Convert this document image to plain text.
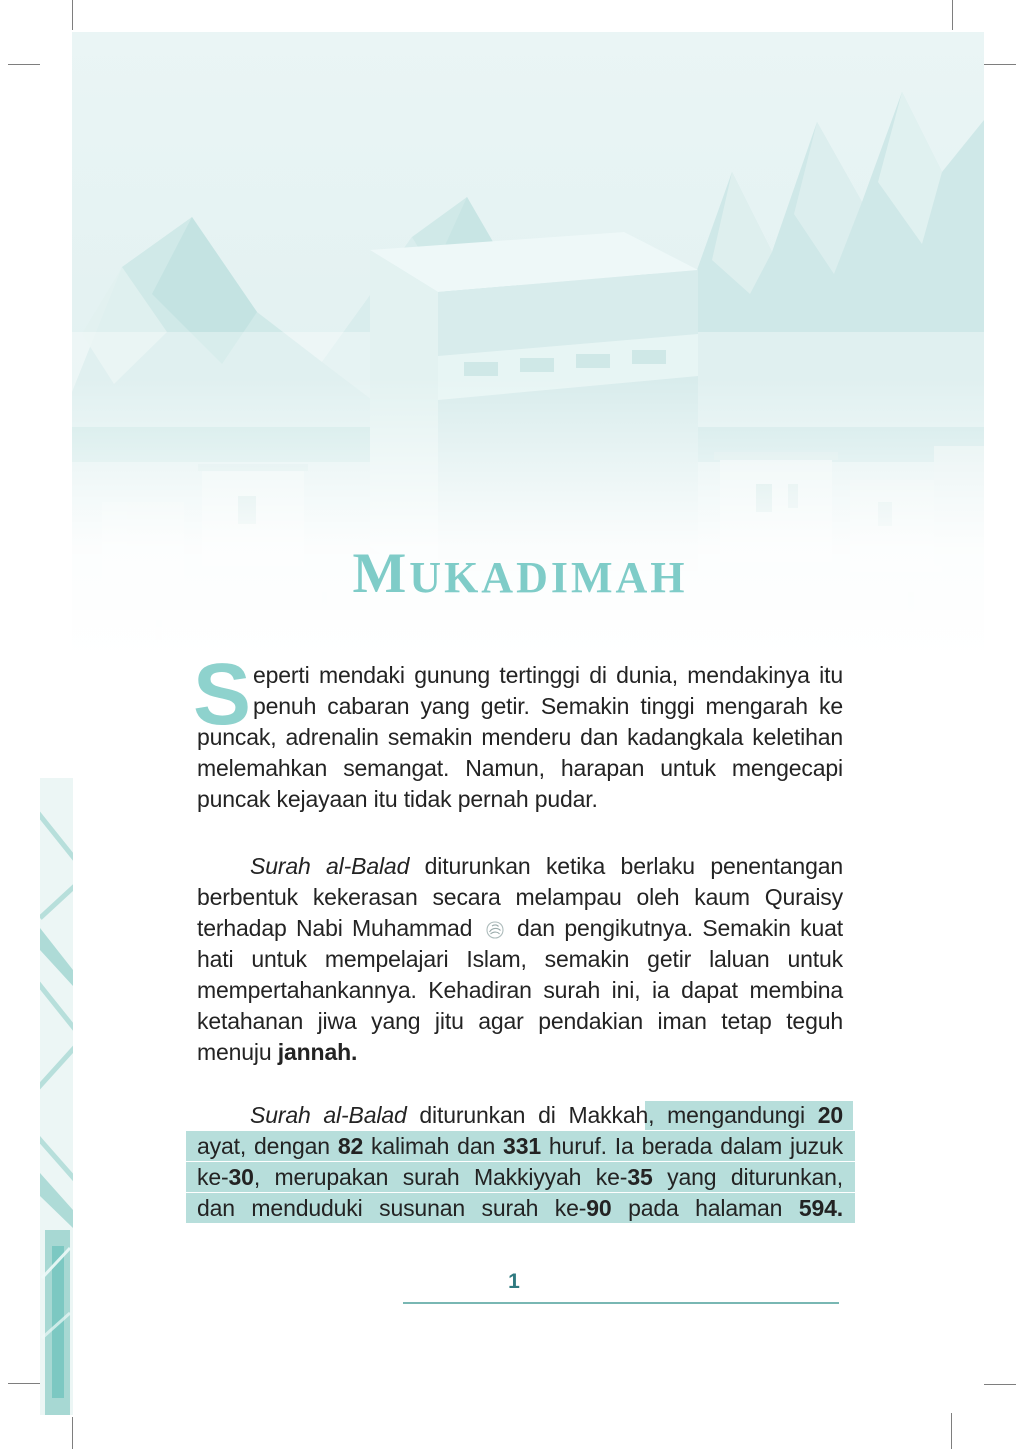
MUKADIMAH
S eperti mendaki gunung tertinggi di dunia, mendakinya itu
penuh cabaran yang getir. Semakin tinggi mengarah ke
puncak, adrenalin semakin menderu dan kadangkala keletihan
melemahkan semangat. Namun, harapan untuk mengecapi
puncak kejayaan itu tidak pernah pudar.
Surah al-Balad diturunkan ketika berlaku penentangan
berbentuk kekerasan secara melampau oleh kaum Quraisy
terhadap Nabi Muhammad  dan pengikutnya. Semakin kuat
hati untuk mempelajari Islam, semakin getir laluan untuk
mempertahankannya. Kehadiran surah ini, ia dapat membina
ketahanan jiwa yang jitu agar pendakian iman tetap teguh
menuju jannah.
Surah al-Balad diturunkan di Makkah, mengandungi 20
ayat, dengan 82 kalimah dan 331 huruf. Ia berada dalam juzuk
ke-30, merupakan surah Makkiyyah ke-35 yang diturunkan,
dan menduduki susunan surah ke-90 pada halaman 594.
1
